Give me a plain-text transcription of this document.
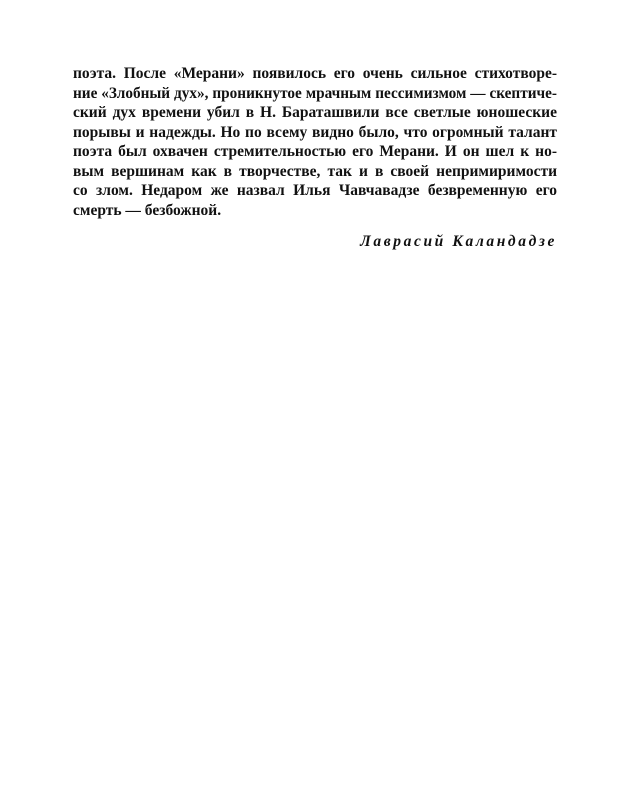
поэта. После «Мерани» появилось его очень сильное стихотворе-
ние «Злобный дух», проникнутое мрачным пессимизмом — скептиче-
ский дух времени убил в Н. Бараташвили все светлые юношеские
порывы и надежды. Но по всему видно было, что огромный талант
поэта был охвачен стремительностью его Мерани. И он шел к но-
вым вершинам как в творчестве, так и в своей непримиримости
со злом. Недаром же назвал Илья Чавчавадзе безвременную его
смерть — безбожной.
Лаврасий Каландадзе
